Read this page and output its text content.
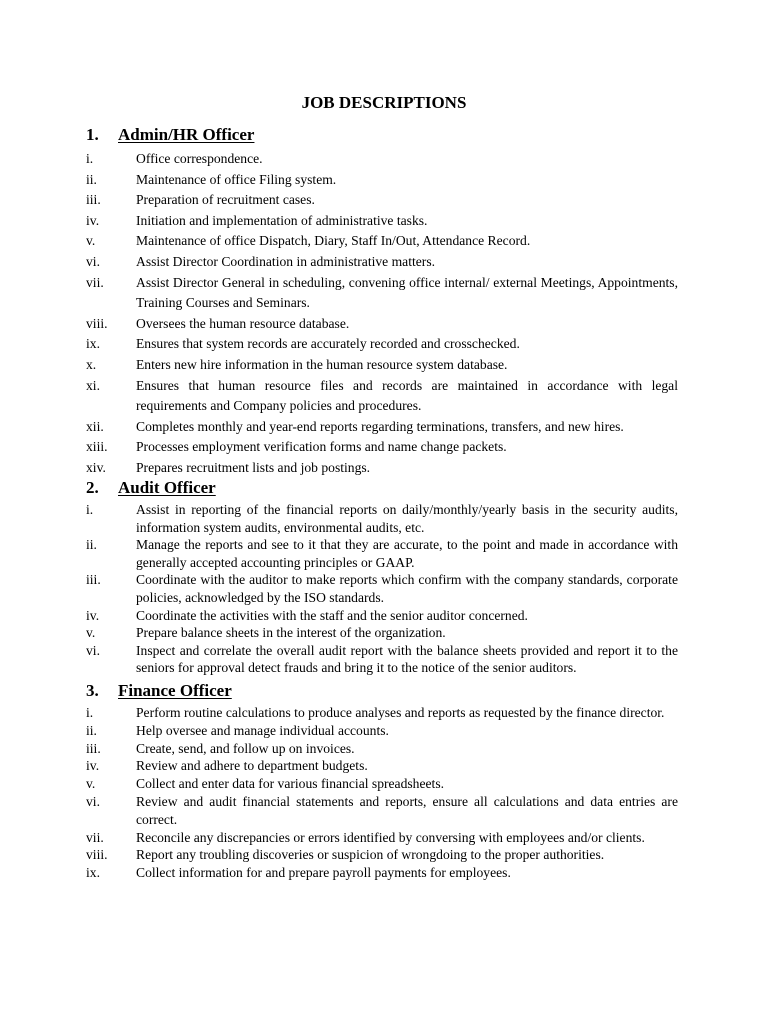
JOB DESCRIPTIONS
1. Admin/HR Officer
i.	Office correspondence.
ii.	Maintenance of office Filing system.
iii.	Preparation of recruitment cases.
iv.	Initiation and implementation of administrative tasks.
v.	Maintenance of office Dispatch, Diary, Staff In/Out, Attendance Record.
vi.	Assist Director Coordination in administrative matters.
vii.	Assist Director General in scheduling, convening office internal/ external Meetings, Appointments, Training Courses and Seminars.
viii.	Oversees the human resource database.
ix.	Ensures that system records are accurately recorded and crosschecked.
x.	Enters new hire information in the human resource system database.
xi.	Ensures that human resource files and records are maintained in accordance with legal requirements and Company policies and procedures.
xii.	Completes monthly and year-end reports regarding terminations, transfers, and new hires.
xiii.	Processes employment verification forms and name change packets.
xiv.	Prepares recruitment lists and job postings.
2. Audit Officer
i.	Assist in reporting of the financial reports on daily/monthly/yearly basis in the security audits, information system audits, environmental audits, etc.
ii.	Manage the reports and see to it that they are accurate, to the point and made in accordance with generally accepted accounting principles or GAAP.
iii.	Coordinate with the auditor to make reports which confirm with the company standards, corporate policies, acknowledged by the ISO standards.
iv.	Coordinate the activities with the staff and the senior auditor concerned.
v.	Prepare balance sheets in the interest of the organization.
vi.	Inspect and correlate the overall audit report with the balance sheets provided and report it to the seniors for approval detect frauds and bring it to the notice of the senior auditors.
3. Finance Officer
i.	Perform routine calculations to produce analyses and reports as requested by the finance director.
ii.	Help oversee and manage individual accounts.
iii.	Create, send, and follow up on invoices.
iv.	Review and adhere to department budgets.
v.	Collect and enter data for various financial spreadsheets.
vi.	Review and audit financial statements and reports, ensure all calculations and data entries are correct.
vii.	Reconcile any discrepancies or errors identified by conversing with employees and/or clients.
viii.	Report any troubling discoveries or suspicion of wrongdoing to the proper authorities.
ix.	Collect information for and prepare payroll payments for employees.
